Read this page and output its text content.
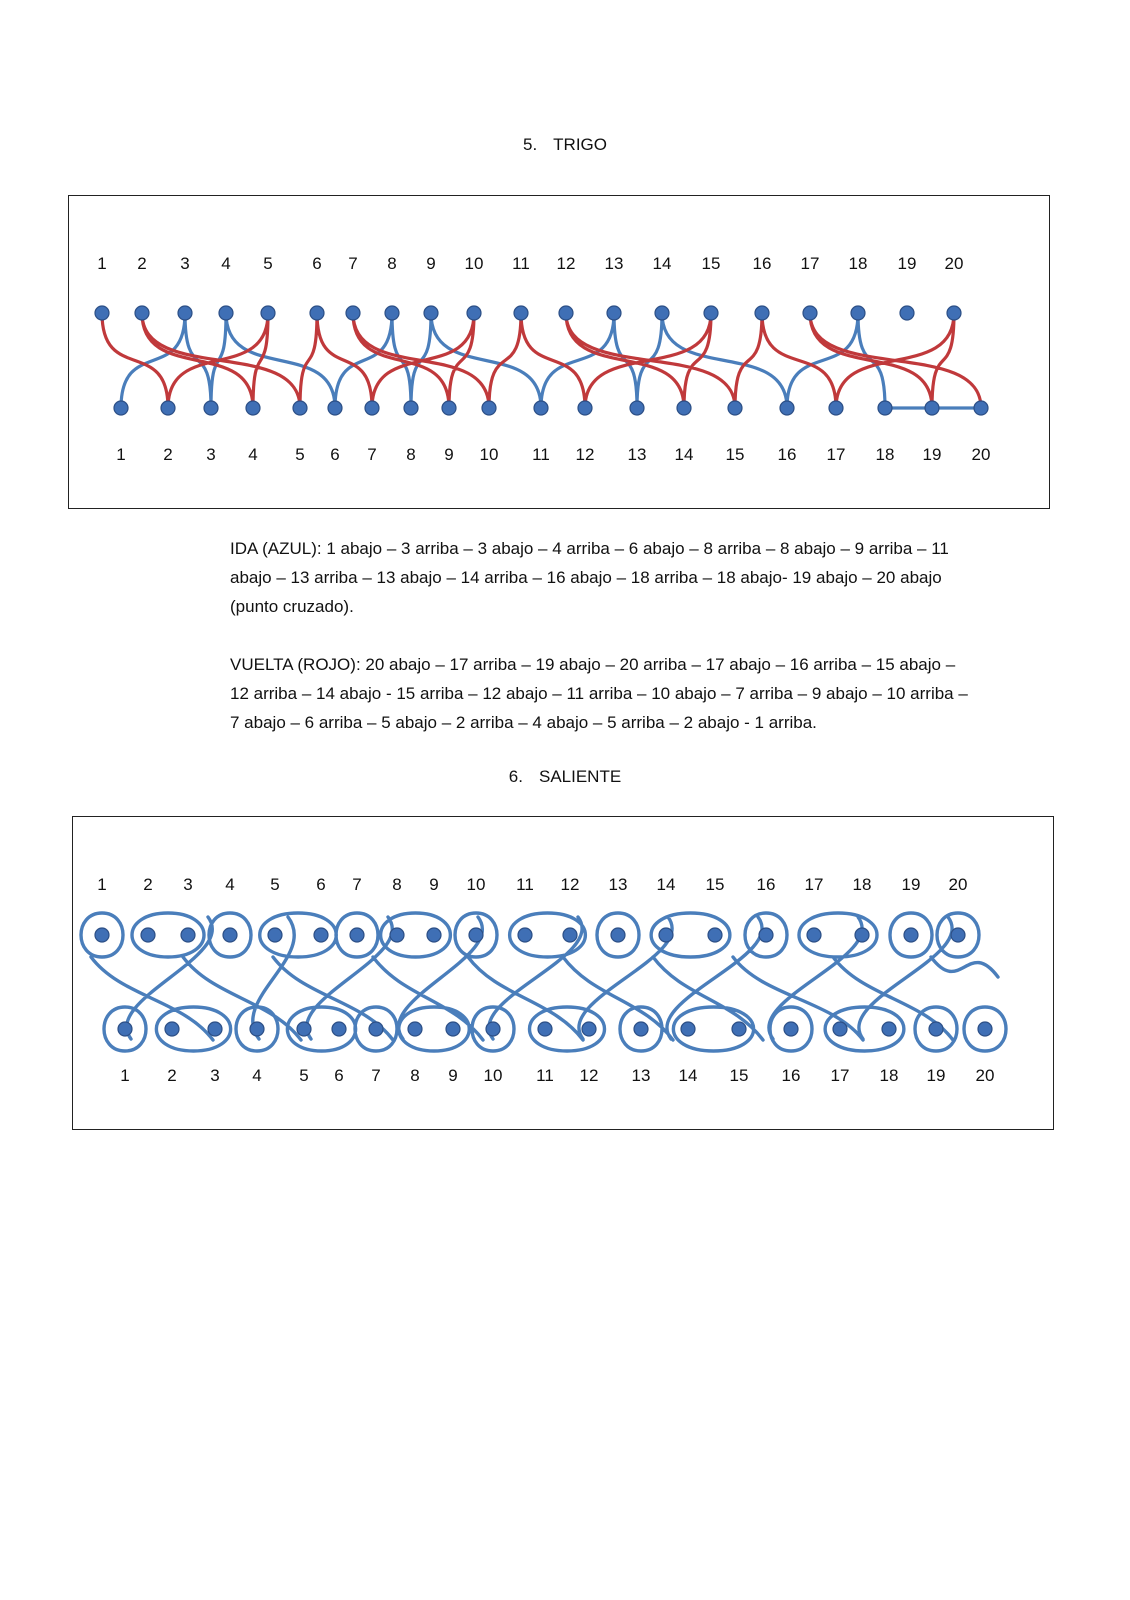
5. TRIGO
1 2 3 4 5 6 7 8 9 10 11 12 13 14 15 16 17 18 19 20
1 2 3 4 5 6 7 8 9 10 11 12 13 14 15 16 17 18 19 20

IDA (AZUL): 1 abajo – 3 arriba – 3 abajo – 4 arriba – 6 abajo – 8 arriba – 8 abajo – 9 arriba – 11 abajo – 13 arriba – 13 abajo – 14 arriba – 16 abajo – 18 arriba – 18 abajo- 19 abajo – 20 abajo (punto cruzado).

VUELTA (ROJO): 20 abajo – 17 arriba – 19 abajo – 20 arriba – 17 abajo – 16 arriba – 15 abajo – 12 arriba – 14 abajo - 15 arriba – 12 abajo – 11 arriba – 10 abajo – 7 arriba – 9 abajo – 10 arriba – 7 abajo – 6 arriba – 5 abajo – 2 arriba – 4 abajo – 5 arriba – 2 abajo - 1 arriba.

6. SALIENTE
1 2 3 4 5 6 7 8 9 10 11 12 13 14 15 16 17 18 19 20
1 2 3 4 5 6 7 8 9 10 11 12 13 14 15 16 17 18 19 20
